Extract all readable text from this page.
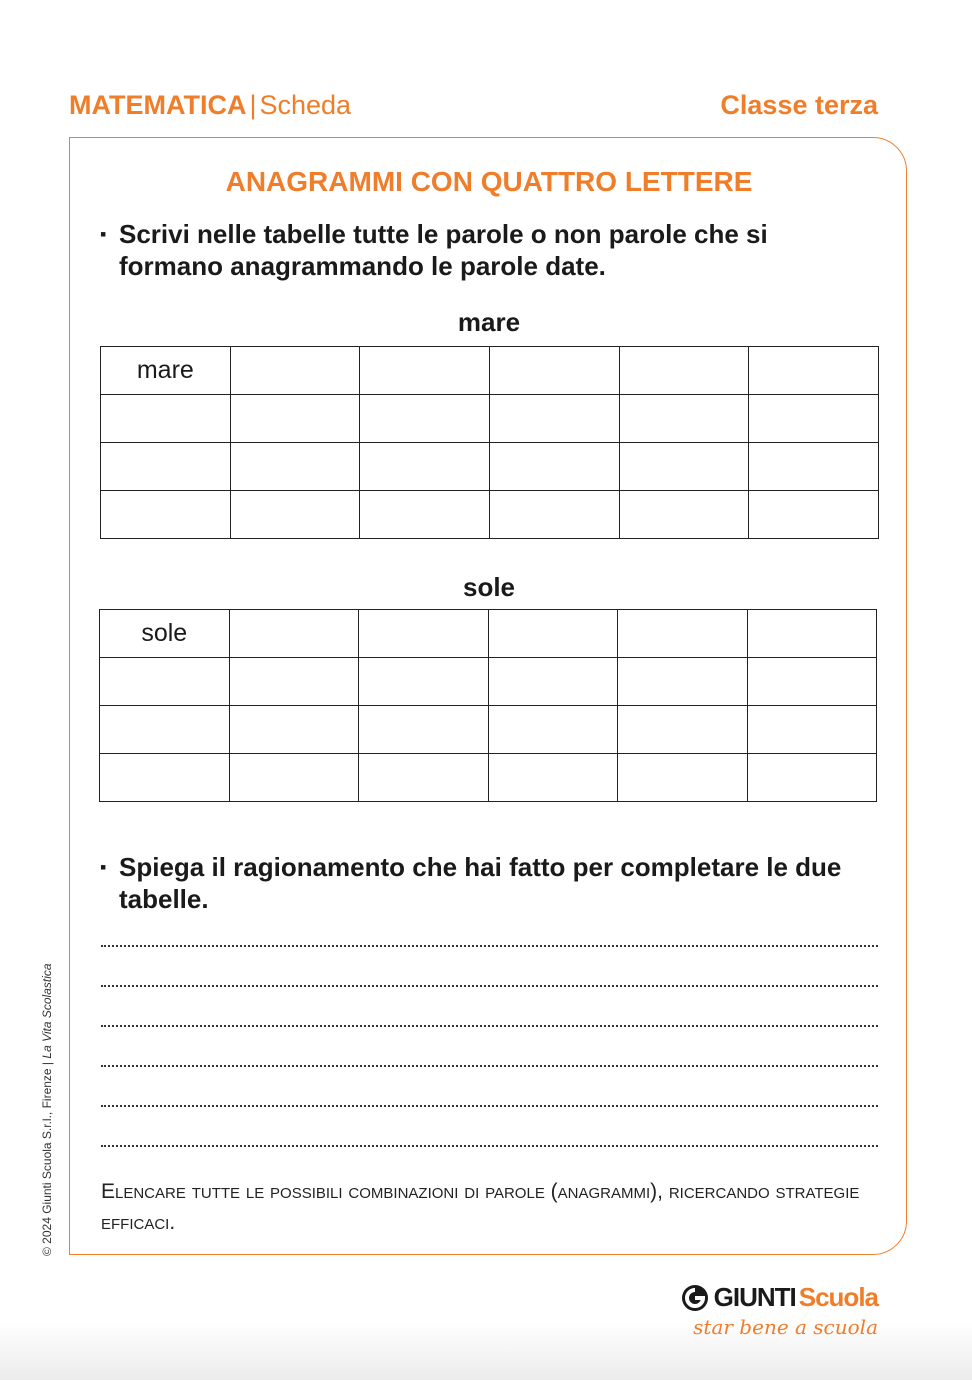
MATEMATICA | Scheda	Classe terza
ANAGRAMMI CON QUATTRO LETTERE
▪ Scrivi nelle tabelle tutte le parole o non parole che si formano anagrammando le parole date.
mare
mare					

sole
sole					

▪ Spiega il ragionamento che hai fatto per completare le due tabelle.
Elencare tutte le possibili combinazioni di parole (anagrammi), ricercando strategie efficaci.
© 2024 Giunti Scuola S.r.l., Firenze | La Vita Scolastica
GIUNTI Scuola
star bene a scuola
